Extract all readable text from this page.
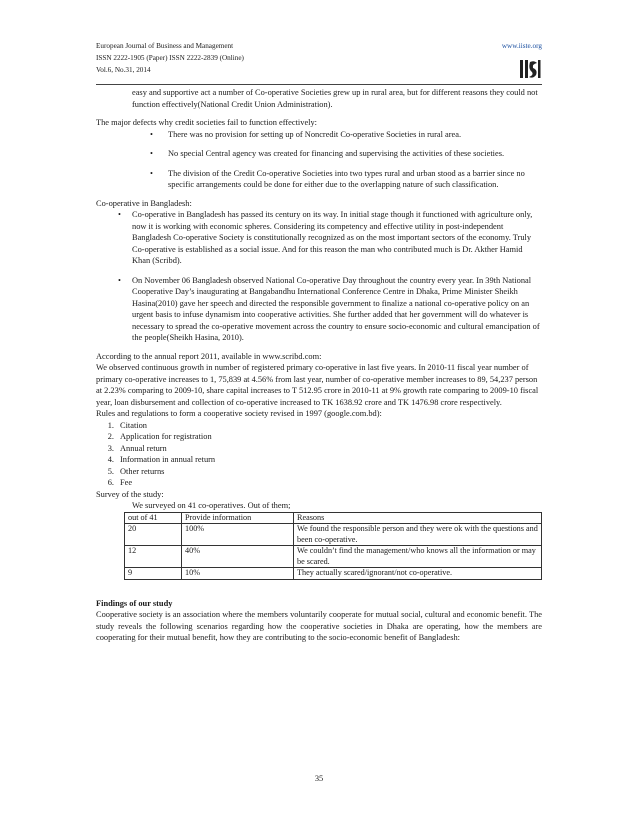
European Journal of Business and Management	www.iiste.org
ISSN 2222-1905 (Paper) ISSN 2222-2839 (Online)
Vol.6, No.31, 2014

easy and supportive act a number of Co-operative Societies grew up in rural area, but for different reasons they could not function effectively(National Credit Union Administration).

The major defects why credit societies fail to function effectively:

•	There was no provision for setting up of Noncredit Co-operative Societies in rural area.
•	No special Central agency was created for financing and supervising the activities of these societies.
•	The division of the Credit Co-operative Societies into two types rural and urban stood as a barrier since no specific arrangements could be done for either due to the overlapping nature of such classification.

Co-operative in Bangladesh:

•	Co-operative in Bangladesh has passed its century on its way. In initial stage though it functioned with agriculture only, now it is working with economic spheres. Considering its competency and effective utility in post-independent Bangladesh Co-operative Society is constitutionally recognized as on the most important sectors of the economy. Truly Co-operative is established as a social issue. And for this reason the man who contributed much is Dr. Akther Hamid Khan (Scribd).
•	On November 06 Bangladesh observed National Co-operative Day throughout the country every year. In 39th National Cooperative Day’s inaugurating at Bangabandhu International Conference Centre in Dhaka, Prime Minister Sheikh Hasina(2010) gave her speech and directed the responsible government to finalize a national co-operative policy on an urgent basis to infuse dynamism into cooperative activities. She further added that her government will do whatever is necessary to spread the co-operative movement across the country to ensure socio-economic and cultural emancipation of the people(Sheikh Hasina, 2010).

According to the annual report 2011, available in www.scribd.com:

We observed continuous growth in number of registered primary co-operative in last five years. In 2010-11 fiscal year number of primary co-operative increases to 1, 75,839 at 4.56% from last year, number of co-operative member increases to 89, 54,237 person at 2.23% comparing to 2009-10, share capital increases to T 512.95 crore in 2010-11 at 9% growth rate comparing to 2009-10 fiscal year, loan disbursement and collection of co-operative increased to TK 1638.92 crore and TK 1476.98 crore respectively.

Rules and regulations to form a cooperative society revised in 1997 (google.com.bd):

1. Citation
2. Application for registration
3. Annual return
4. Information in annual return
5. Other returns
6. Fee

Survey of the study:

We surveyed on 41 co-operatives. Out of them;

out of 41	Provide information	Reasons
20	100%	We found the responsible person and they were ok with the questions and been co-operative.
12	40%	We couldn’t find the management/who knows all the information or may be scared.
9	10%	They actually scared/ignorant/not co-operative.

Findings of our study

Cooperative society is an association where the members voluntarily cooperate for mutual social, cultural and economic benefit. The study reveals the following scenarios regarding how the cooperative societies in Dhaka are operating, how the members are cooperating for their mutual benefit, how they are contributing to the socio-economic benefit of Bangladesh:

35
